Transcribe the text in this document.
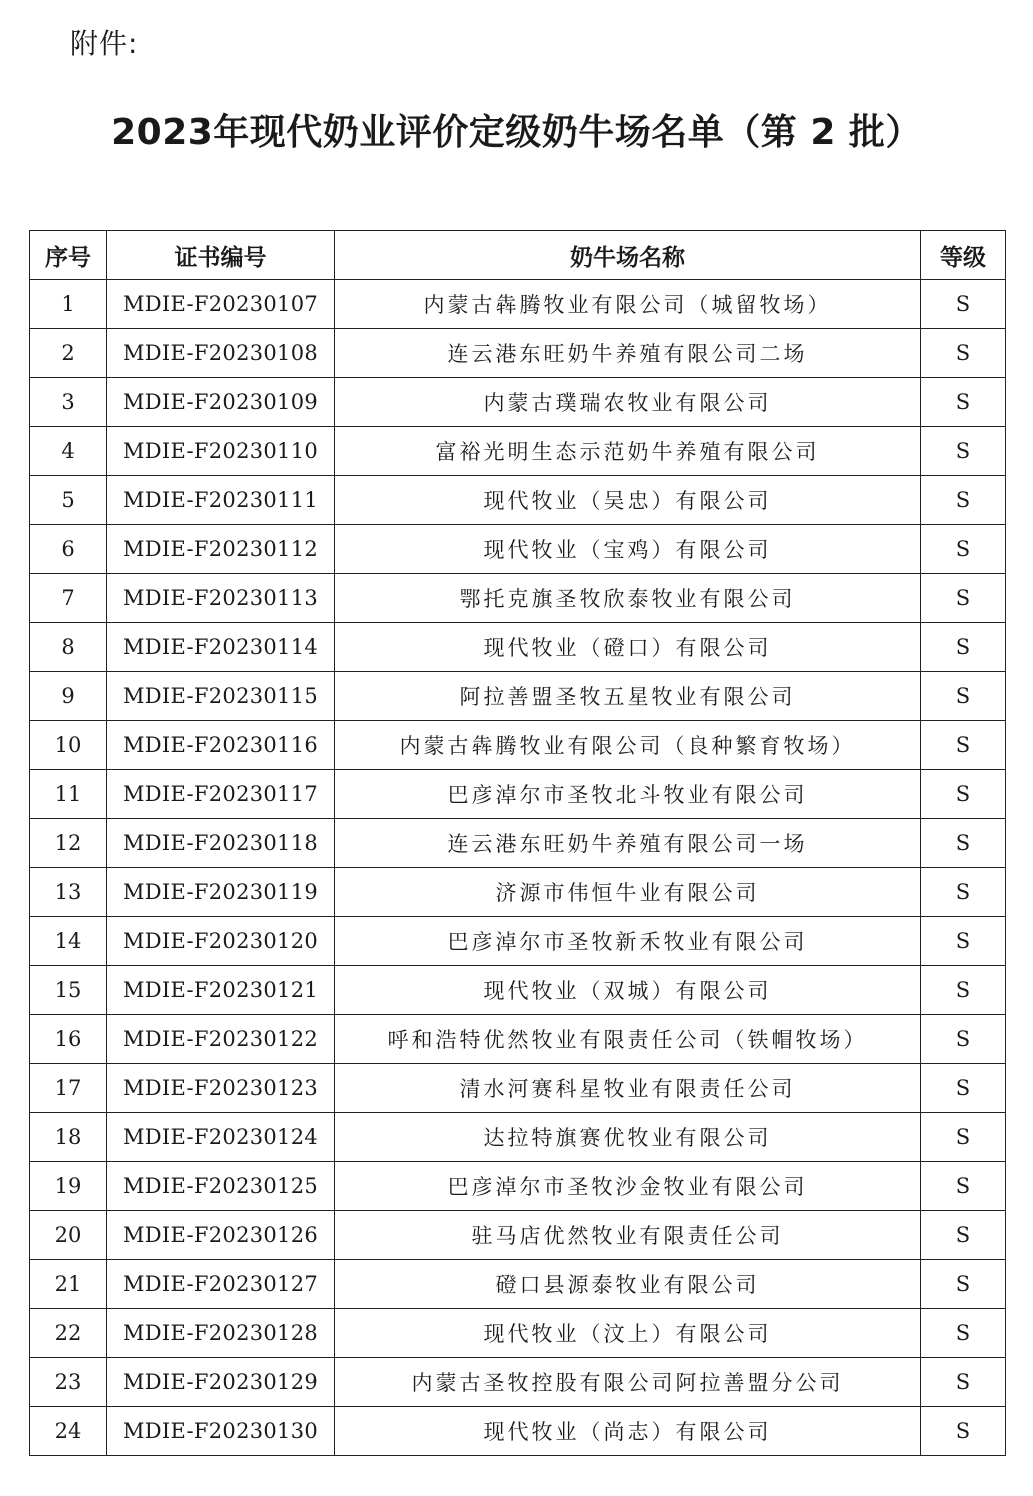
附件:
2023年现代奶业评价定级奶牛场名单（第 2 批）
序号	证书编号	奶牛场名称	等级
1	MDIE-F20230107	内蒙古犇腾牧业有限公司（城留牧场）	S
2	MDIE-F20230108	连云港东旺奶牛养殖有限公司二场	S
3	MDIE-F20230109	内蒙古璞瑞农牧业有限公司	S
4	MDIE-F20230110	富裕光明生态示范奶牛养殖有限公司	S
5	MDIE-F20230111	现代牧业（吴忠）有限公司	S
6	MDIE-F20230112	现代牧业（宝鸡）有限公司	S
7	MDIE-F20230113	鄂托克旗圣牧欣泰牧业有限公司	S
8	MDIE-F20230114	现代牧业（磴口）有限公司	S
9	MDIE-F20230115	阿拉善盟圣牧五星牧业有限公司	S
10	MDIE-F20230116	内蒙古犇腾牧业有限公司（良种繁育牧场）	S
11	MDIE-F20230117	巴彦淖尔市圣牧北斗牧业有限公司	S
12	MDIE-F20230118	连云港东旺奶牛养殖有限公司一场	S
13	MDIE-F20230119	济源市伟恒牛业有限公司	S
14	MDIE-F20230120	巴彦淖尔市圣牧新禾牧业有限公司	S
15	MDIE-F20230121	现代牧业（双城）有限公司	S
16	MDIE-F20230122	呼和浩特优然牧业有限责任公司（铁帽牧场）	S
17	MDIE-F20230123	清水河赛科星牧业有限责任公司	S
18	MDIE-F20230124	达拉特旗赛优牧业有限公司	S
19	MDIE-F20230125	巴彦淖尔市圣牧沙金牧业有限公司	S
20	MDIE-F20230126	驻马店优然牧业有限责任公司	S
21	MDIE-F20230127	磴口县源泰牧业有限公司	S
22	MDIE-F20230128	现代牧业（汶上）有限公司	S
23	MDIE-F20230129	内蒙古圣牧控股有限公司阿拉善盟分公司	S
24	MDIE-F20230130	现代牧业（尚志）有限公司	S
